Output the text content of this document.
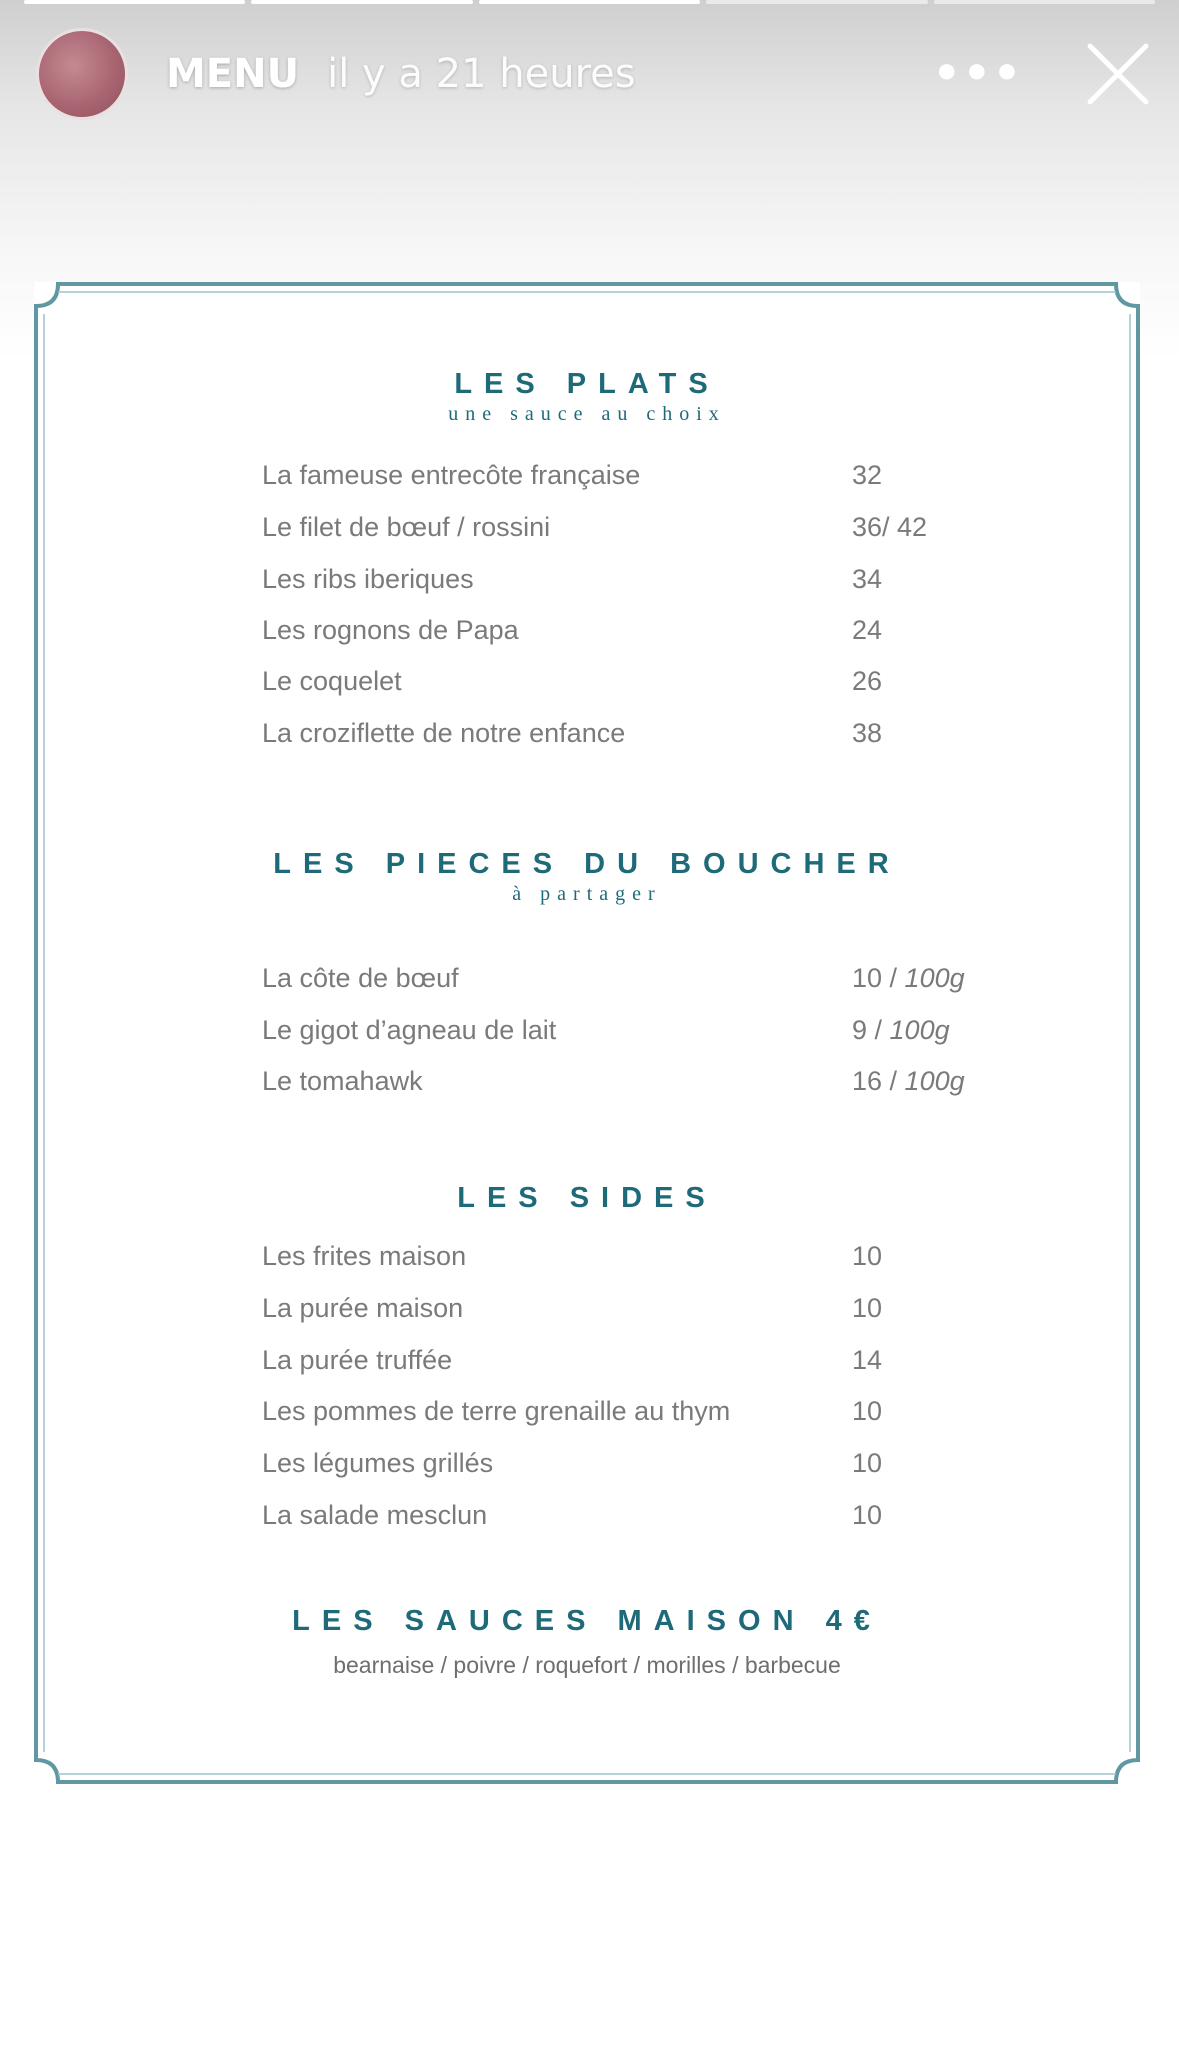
MENU il y a 21 heures	•••
LES PLATS
une sauce au choix
La fameuse entrecôte française	32
Le filet de bœuf / rossini	36/ 42
Les ribs iberiques	34
Les rognons de Papa	24
Le coquelet	26
La croziflette de notre enfance	38
LES PIECES DU BOUCHER
à partager
La côte de bœuf	10 / 100g
Le gigot d’agneau de lait	9 / 100g
Le tomahawk	16 / 100g
LES SIDES
Les frites maison	10
La purée maison	10
La purée truffée	14
Les pommes de terre grenaille au thym	10
Les légumes grillés	10
La salade mesclun	10
LES SAUCES MAISON 4€
bearnaise / poivre / roquefort / morilles / barbecue
